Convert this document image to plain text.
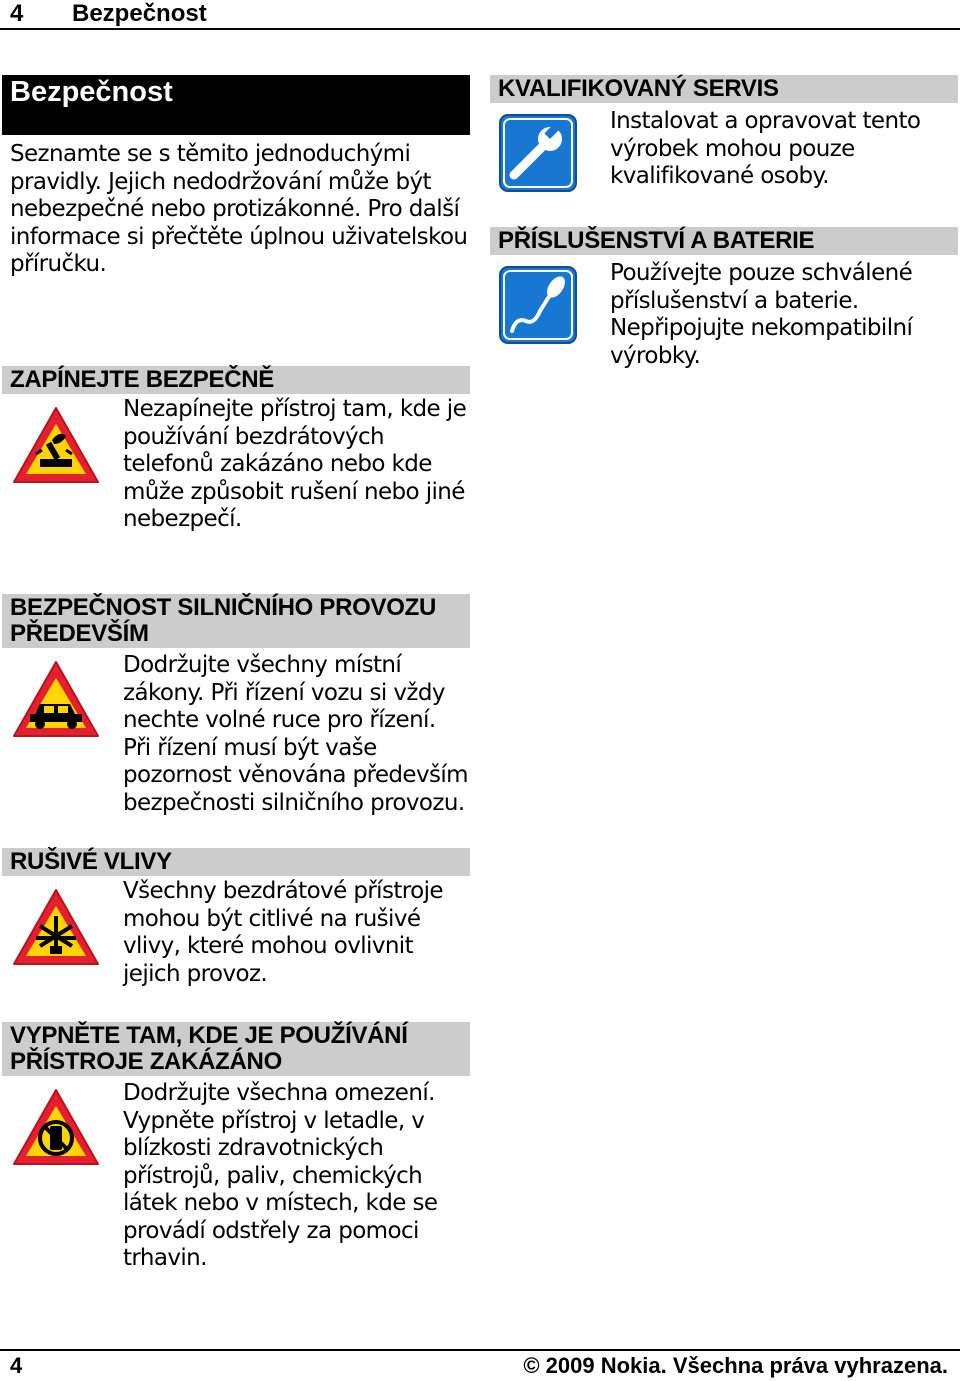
4 Bezpečnost
Bezpečnost

Seznamte se s těmito jednoduchými pravidly. Jejich nedodržování může být nebezpečné nebo protizákonné. Pro další informace si přečtěte úplnou uživatelskou příručku.

ZAPÍNEJTE BEZPEČNĚ

Nezapínejte přístroj tam, kde je používání bezdrátových telefonů zakázáno nebo kde může způsobit rušení nebo jiné nebezpečí.

BEZPEČNOST SILNIČNÍHO PROVOZU PŘEDEVŠÍM

Dodržujte všechny místní zákony. Při řízení vozu si vždy nechte volné ruce pro řízení. Při řízení musí být vaše pozornost věnována především bezpečnosti silničního provozu.

RUŠIVÉ VLIVY

Všechny bezdrátové přístroje mohou být citlivé na rušivé vlivy, které mohou ovlivnit jejich provoz.

VYPNĚTE TAM, KDE JE POUŽÍVÁNÍ PŘÍSTROJE ZAKÁZÁNO

Dodržujte všechna omezení. Vypněte přístroj v letadle, v blízkosti zdravotnických přístrojů, paliv, chemických látek nebo v místech, kde se provádí odstřely za pomoci trhavin.

KVALIFIKOVANÝ SERVIS

Instalovat a opravovat tento výrobek mohou pouze kvalifikované osoby.

PŘÍSLUŠENSTVÍ A BATERIE

Používejte pouze schválené příslušenství a baterie. Nepřipojujte nekompatibilní výrobky.

4	© 2009 Nokia. Všechna práva vyhrazena.
